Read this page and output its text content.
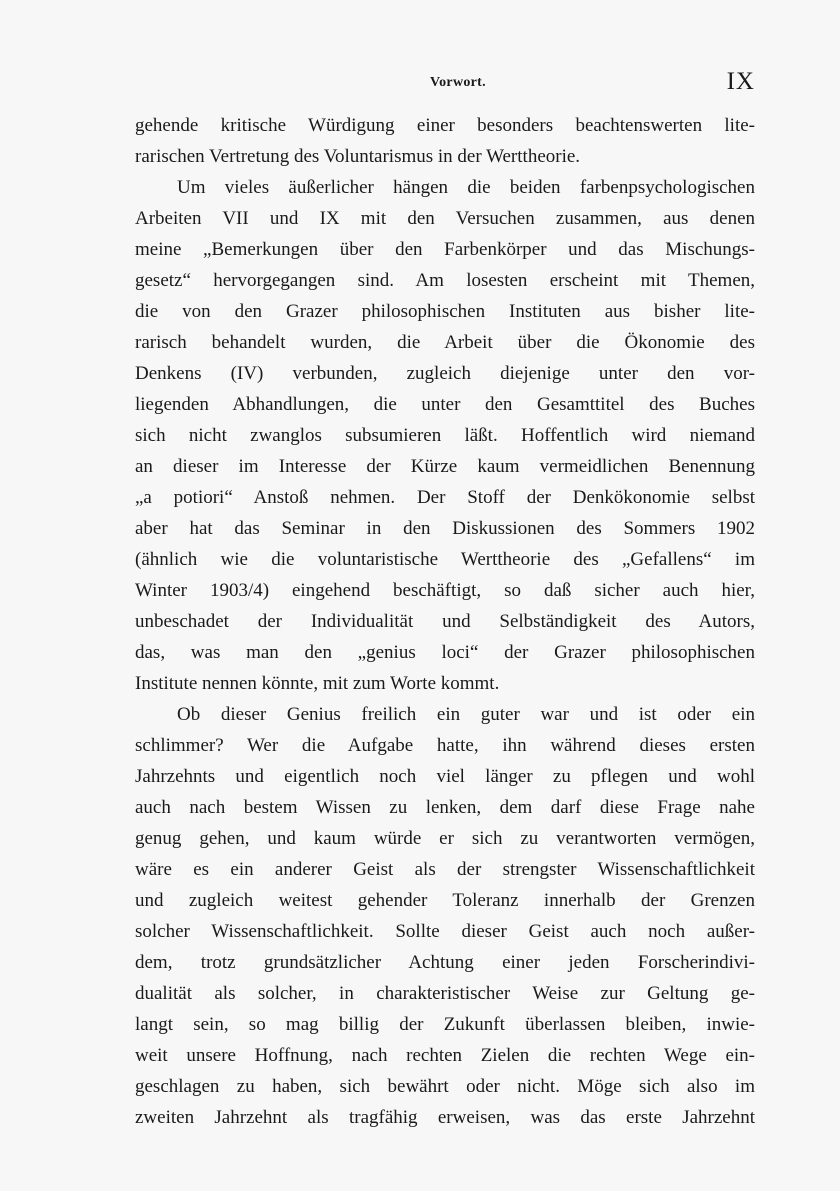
Vorwort.	IX
gehende kritische Würdigung einer besonders beachtenswerten lite-
rarischen Vertretung des Voluntarismus in der Werttheorie.
Um vieles äußerlicher hängen die beiden farbenpsychologischen
Arbeiten VII und IX mit den Versuchen zusammen, aus denen
meine „Bemerkungen über den Farbenkörper und das Mischungs-
gesetz“ hervorgegangen sind. Am losesten erscheint mit Themen,
die von den Grazer philosophischen Instituten aus bisher lite-
rarisch behandelt wurden, die Arbeit über die Ökonomie des
Denkens (IV) verbunden, zugleich diejenige unter den vor-
liegenden Abhandlungen, die unter den Gesamttitel des Buches
sich nicht zwanglos subsumieren läßt. Hoffentlich wird niemand
an dieser im Interesse der Kürze kaum vermeidlichen Benennung
„a potiori“ Anstoß nehmen. Der Stoff der Denkökonomie selbst
aber hat das Seminar in den Diskussionen des Sommers 1902
(ähnlich wie die voluntaristische Werttheorie des „Gefallens“ im
Winter 1903/4) eingehend beschäftigt, so daß sicher auch hier,
unbeschadet der Individualität und Selbständigkeit des Autors,
das, was man den „genius loci“ der Grazer philosophischen
Institute nennen könnte, mit zum Worte kommt.
Ob dieser Genius freilich ein guter war und ist oder ein
schlimmer? Wer die Aufgabe hatte, ihn während dieses ersten
Jahrzehnts und eigentlich noch viel länger zu pflegen und wohl
auch nach bestem Wissen zu lenken, dem darf diese Frage nahe
genug gehen, und kaum würde er sich zu verantworten vermögen,
wäre es ein anderer Geist als der strengster Wissenschaftlichkeit
und zugleich weitest gehender Toleranz innerhalb der Grenzen
solcher Wissenschaftlichkeit. Sollte dieser Geist auch noch außer-
dem, trotz grundsätzlicher Achtung einer jeden Forscherindivi-
dualität als solcher, in charakteristischer Weise zur Geltung ge-
langt sein, so mag billig der Zukunft überlassen bleiben, inwie-
weit unsere Hoffnung, nach rechten Zielen die rechten Wege ein-
geschlagen zu haben, sich bewährt oder nicht. Möge sich also im
zweiten Jahrzehnt als tragfähig erweisen, was das erste Jahrzehnt
